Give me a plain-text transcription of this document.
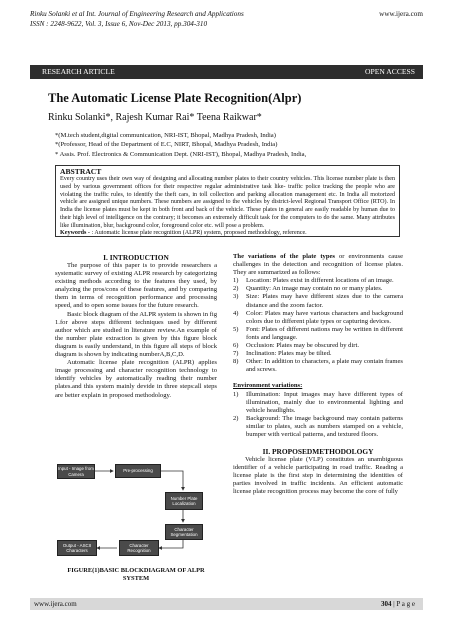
Rinku Solanki et al Int. Journal of Engineering Research and Applications
ISSN : 2248-9622, Vol. 3, Issue 6, Nov-Dec 2013, pp.304-310
www.ijera.com
RESEARCH ARTICLE	OPEN ACCESS
The Automatic License Plate Recognition(Alpr)
Rinku Solanki*, Rajesh Kumar Rai* Teena Raikwar*
*(M.tech student,digital communication, NRI-IST, Bhopal, Madhya Pradesh, India)
*(Professor, Head of the Department of E.C, NIRT, Bhopal, Madhya Pradesh, India)
* Assis. Prof. Electronics & Communication Dept. (NRI-IST), Bhopal, Madhya Pradesh, India,
ABSTRACT
Every country uses their own way of designing and allocating number plates to their country vehicles. This license number plate is then used by various government offices for their respective regular administrative task like- traffic police tracking the people who are violating the traffic rules, to identify the theft cars, in toll collection and parking allocation management etc. In India all motorized vehicle are assigned unique numbers. These numbers are assigned to the vehicles by district-level Regional Transport Office (RTO). In India the license plates must be kept in both front and back of the vehicle. These plates in general are easily readable by human due to their high level of intelligence on the contrary; it becomes an extremely difficult task for the computers to do the same. Many attributes like illumination, blur, background color, foreground color etc. will pose a problem.
Keywords - : Automatic license plate recognition (ALPR) system, proposed methodology, reference.
I. INTRODUCTION

The purpose of this paper is to provide researchers a systematic survey of existing ALPR research by categorizing existing methods according to the features they used, by analyzing the pros/cons of these features, and by comparing them in terms of recognition performance and processing speed, and to open some issues for the future research.

Basic block diagram of the ALPR system is shown in fig 1.for above steps different techniques used by different author which are studied in literature review.An example of the number plate extraction is given by this figure block diagram is easily understand, in this figure all steps of block diagram is shown by indicating numberA,B,C,D.

Automatic license plate recognition (ALPR) applies image processing and character recognition technology to identify vehicles by automatically reading their number plates.and this system mainly devide in three steps:all steps are better explain in proposed methodology.

Input - Image from Camera
Pre-processing
Number Plate Localization
Character Segmentation
Character Recognition
Output - ASCII Characters
FIGURE(1)BASIC BLOCKDIAGRAM OF ALPR SYSTEM

The variations of the plate types or environments cause challenges in the detection and recognition of license plates. They are summarized as follows:

1)	Location: Plates exist in different locations of an image.
2)	Quantity: An image may contain no or many plates.
3)	Size: Plates may have different sizes due to the camera distance and the zoom factor.
4)	Color: Plates may have various characters and background colors due to different plate types or capturing devices.
5)	Font: Plates of different nations may be written in different fonts and language.
6)	Occlusion: Plates may be obscured by dirt.
7)	Inclination: Plates may be tilted.
8)	Other: In addition to characters, a plate may contain frames and screws.
Environment variations:
1)	Illumination: Input images may have different types of illumination, mainly due to environmental lighting and vehicle headlights.
2)	Background: The image background may contain patterns similar to plates, such as numbers stamped on a vehicle, bumper with vertical patterns, and textured floors.
II. PROPOSEDMETHODOLOGY

Vehicle license plate (VLP) constitutes an unambiguous identifier of a vehicle participating in road traffic. Reading a license plate is the first step in determining the identities of parties involved in traffic incidents. An efficient automatic license plate recognition process may become the core of fully

www.ijera.com	304 | P a g e
